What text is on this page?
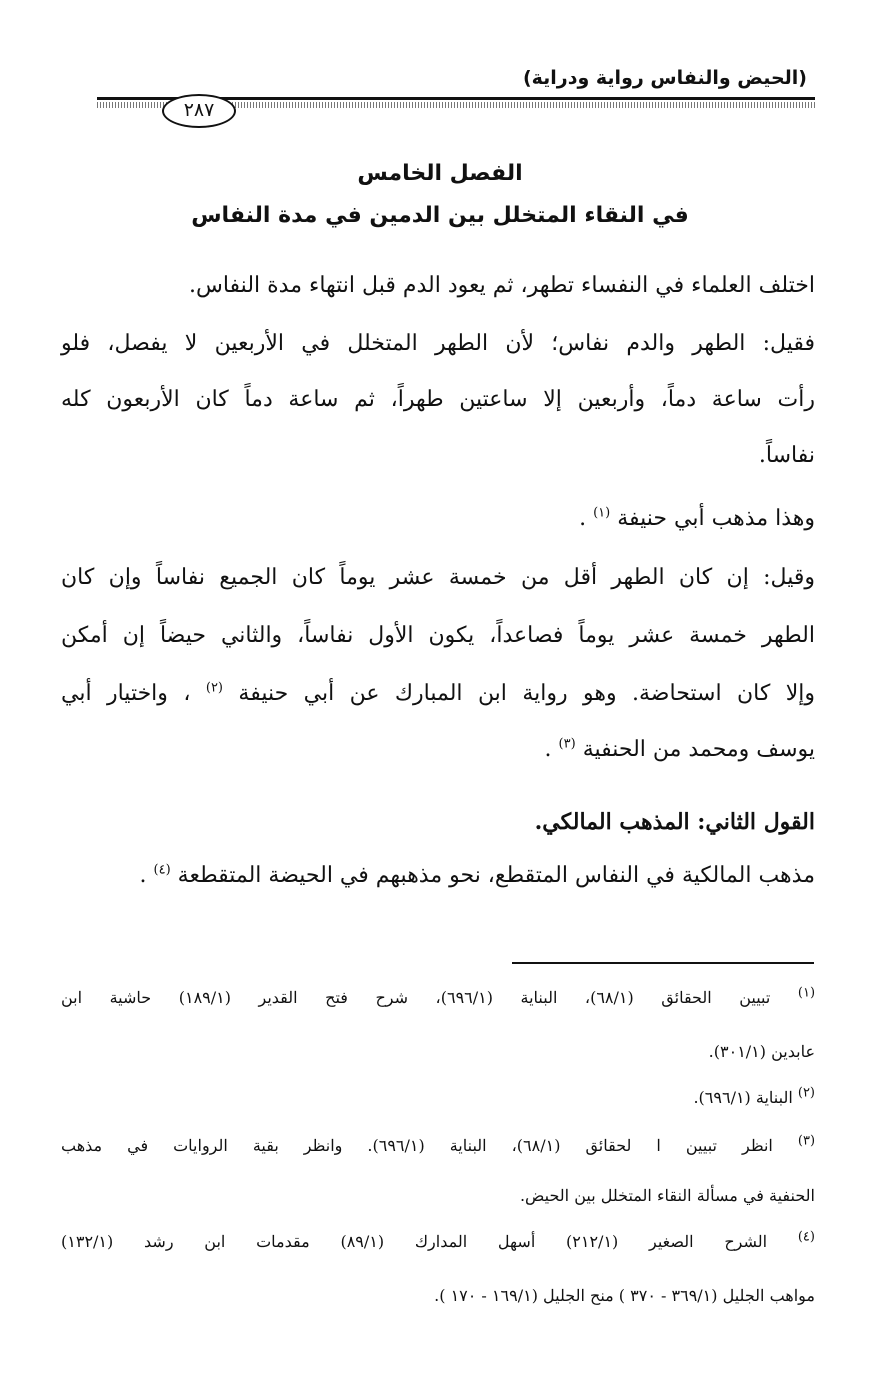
(الحيض والنفاس رواية ودراية)
٢٨٧
الفصل الخامس
في النقاء المتخلل بين الدمين في مدة النفاس
اختلف العلماء في النفساء تطهر، ثم يعود الدم قبل انتهاء مدة النفاس.
فقيل: الطهر والدم نفاس؛ لأن الطهر المتخلل في الأربعين لا يفصل، فلو
رأت ساعة دماً، وأربعين إلا ساعتين طهراً، ثم ساعة دماً كان الأربعون كله
نفاساً.
وهذا مذهب أبي حنيفة $^{(١)}$ .
وقيل: إن كان الطهر أقل من خمسة عشر يوماً كان الجميع نفاساً وإن كان
الطهر خمسة عشر يوماً فصاعداً، يكون الأول نفاساً، والثاني حيضاً إن أمكن
وإلا كان استحاضة. وهو رواية ابن المبارك عن أبي حنيفة $^{(٢)}$ ، واختيار أبي
يوسف ومحمد من الحنفية $^{(٣)}$ .
القول الثاني: المذهب المالكي.
مذهب المالكية في النفاس المتقطع، نحو مذهبهم في الحيضة المتقطعة $^{(٤)}$ .
$^{(١)}$ تبيين الحقائق (٦٨/١)، البناية (٦٩٦/١)، شرح فتح القدير (١٨٩/١) حاشية ابن
عابدين (٣٠١/١).
$^{(٢)}$ البناية (٦٩٦/١).
$^{(٣)}$ انظر تبيين ا لحقائق (٦٨/١)، البناية (٦٩٦/١). وانظر بقية الروايات في مذهب
الحنفية في مسألة النقاء المتخلل بين الحيض.
$^{(٤)}$ الشرح الصغير (٢١٢/١) أسهل المدارك (٨٩/١) مقدمات ابن رشد (١٣٢/١)
مواهب الجليل (٣٦٩/١ - ٣٧٠ ) منح الجليل (١٦٩/١ - ١٧٠ ).
